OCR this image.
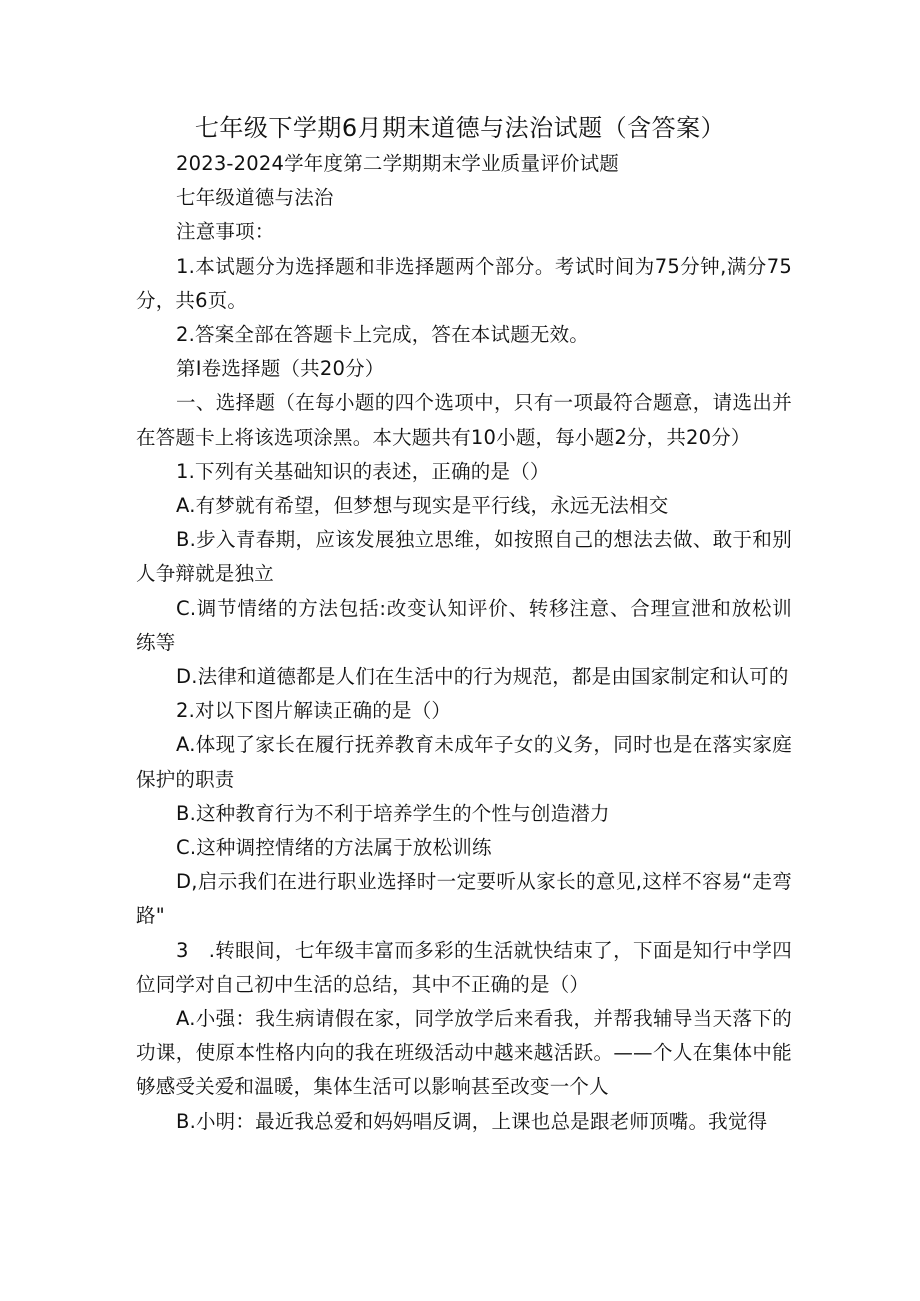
七年级下学期6月期末道德与法治试题（含答案）

2023-2024学年度第二学期期末学业质量评价试题

七年级道德与法治

注意事项：

1.本试题分为选择题和非选择题两个部分。考试时间为75分钟,满分75分，共6页。

2.答案全部在答题卡上完成，答在本试题无效。

第I卷选择题（共20分）

一、选择题（在每小题的四个选项中，只有一项最符合题意，请选出并在答题卡上将该选项涂黑。本大题共有10小题，每小题2分，共20分）

1.下列有关基础知识的表述，正确的是（）

A.有梦就有希望，但梦想与现实是平行线，永远无法相交

B.步入青春期，应该发展独立思维，如按照自己的想法去做、敢于和别人争辩就是独立

C.调节情绪的方法包括:改变认知评价、转移注意、合理宣泄和放松训练等

D.法律和道德都是人们在生活中的行为规范，都是由国家制定和认可的

2.对以下图片解读正确的是（）

A.体现了家长在履行抚养教育未成年子女的义务，同时也是在落实家庭保护的职责

B.这种教育行为不利于培养学生的个性与创造潜力

C.这种调控情绪的方法属于放松训练

D,启示我们在进行职业选择时一定要听从家长的意见,这样不容易“走弯路"

3　.转眼间，七年级丰富而多彩的生活就快结束了，下面是知行中学四位同学对自己初中生活的总结，其中不正确的是（）

A.小强：我生病请假在家，同学放学后来看我，并帮我辅导当天落下的功课，使原本性格内向的我在班级活动中越来越活跃。——个人在集体中能够感受关爱和温暖，集体生活可以影响甚至改变一个人

B.小明：最近我总爱和妈妈唱反调，上课也总是跟老师顶嘴。我觉得
